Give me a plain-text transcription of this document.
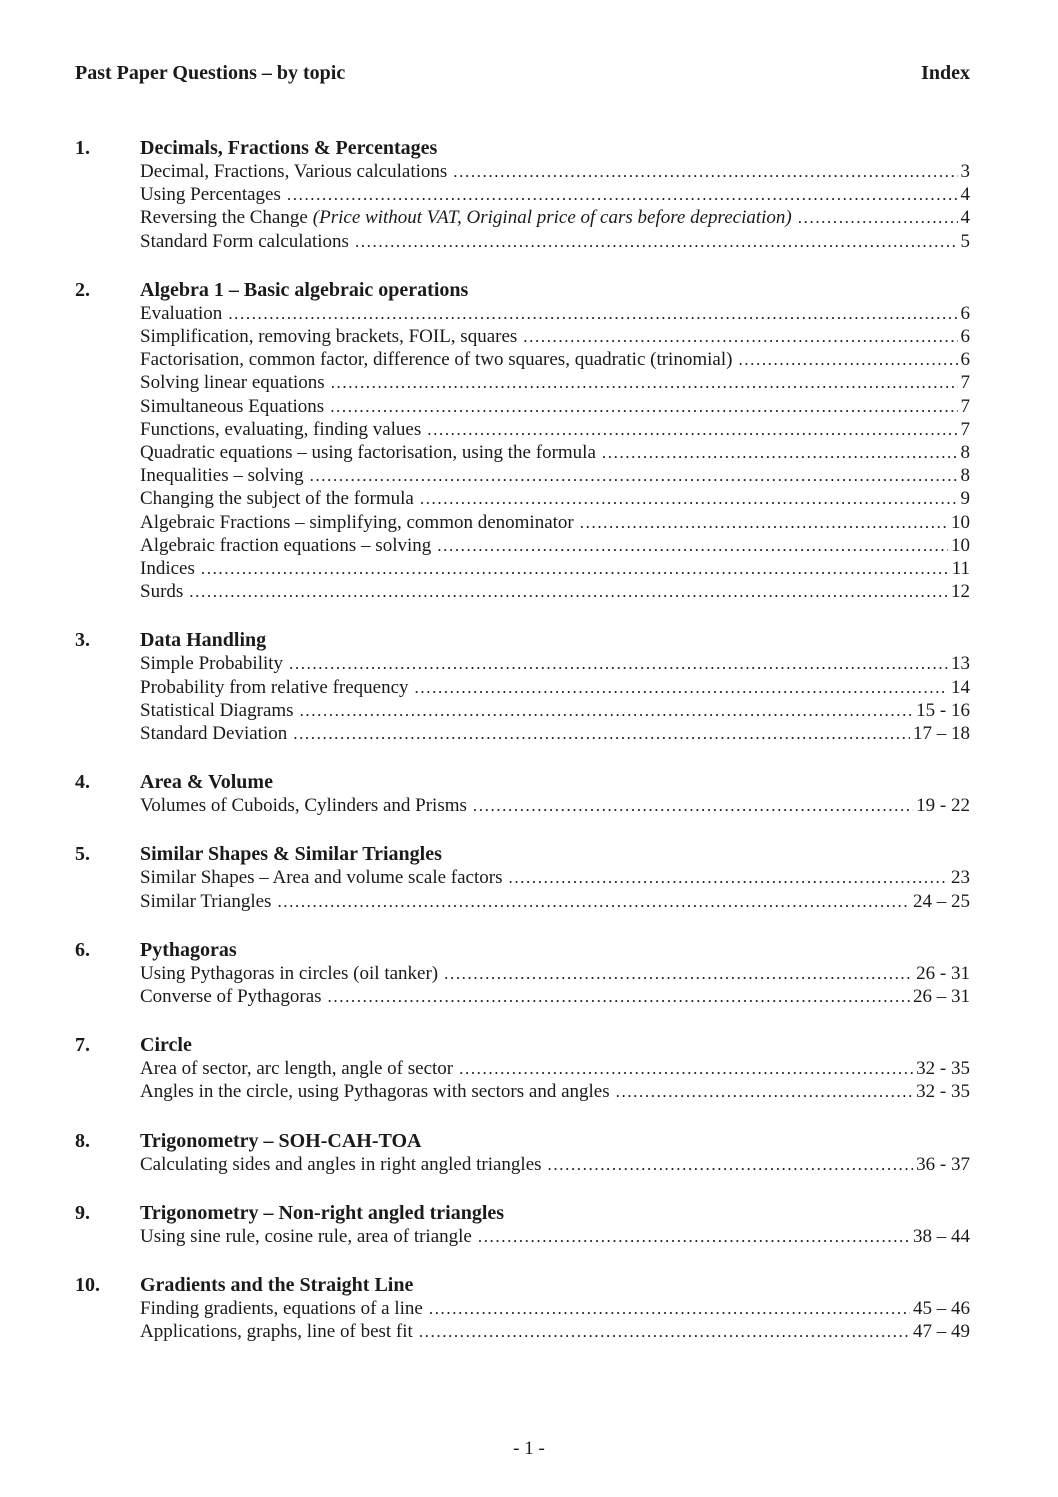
Past Paper Questions – by topic	Index
1.	Decimals, Fractions & Percentages
Decimal, Fractions, Various calculations .....	3
Using Percentages .....	4
Reversing the Change (Price without VAT, Original price of cars before depreciation) .....	4
Standard Form calculations .....	5
2.	Algebra 1 – Basic algebraic operations
Evaluation .....	6
Simplification, removing brackets, FOIL, squares .....	6
Factorisation, common factor, difference of two squares, quadratic (trinomial) .....	6
Solving linear equations .....	7
Simultaneous Equations .....	7
Functions, evaluating, finding values .....	7
Quadratic equations – using factorisation, using the formula .....	8
Inequalities – solving .....	8
Changing the subject of the formula .....	9
Algebraic Fractions – simplifying, common denominator .....	10
Algebraic fraction equations – solving .....	10
Indices .....	11
Surds .....	12
3.	Data Handling
Simple Probability .....	13
Probability from relative frequency .....	14
Statistical Diagrams .....	15 - 16
Standard Deviation .....	17 – 18
4.	Area & Volume
Volumes of Cuboids, Cylinders and Prisms .....	19 - 22
5.	Similar Shapes & Similar Triangles
Similar Shapes – Area and volume scale factors .....	23
Similar Triangles .....	24 – 25
6.	Pythagoras
Using Pythagoras in circles (oil tanker) .....	26 - 31
Converse of Pythagoras .....	26 – 31
7.	Circle
Area of sector, arc length, angle of sector .....	32 - 35
Angles in the circle, using Pythagoras with sectors and angles .....	32 - 35
8.	Trigonometry – SOH-CAH-TOA
Calculating sides and angles in right angled triangles .....	36 - 37
9.	Trigonometry – Non-right angled triangles
Using sine rule, cosine rule, area of triangle .....	38 – 44
10.	Gradients and the Straight Line
Finding gradients, equations of a line .....	45 – 46
Applications, graphs, line of best fit .....	47 – 49
- 1 -
